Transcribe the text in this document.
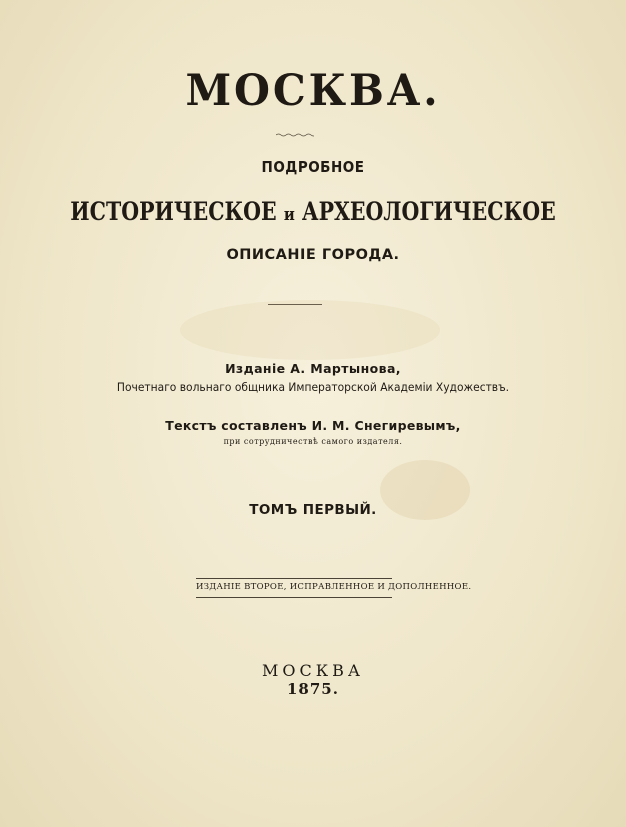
МОСКВА.
ПОДРОБНОЕ
ИСТОРИЧЕСКОЕ и АРХЕОЛОГИЧЕСКОЕ
ОПИСАНІЕ ГОРОДА.
Изданіе А. Мартынова,
Почетнаго вольнаго общника Императорской Академіи Художествъ.
Текстъ составленъ И. М. Снегиревымъ,
при сотрудничествѣ самого издателя.
ТОМЪ ПЕРВЫЙ.
ИЗДАНІЕ ВТОРОЕ, ИСПРАВЛЕННОЕ И ДОПОЛНЕННОЕ.
МОСКВА
1875.
